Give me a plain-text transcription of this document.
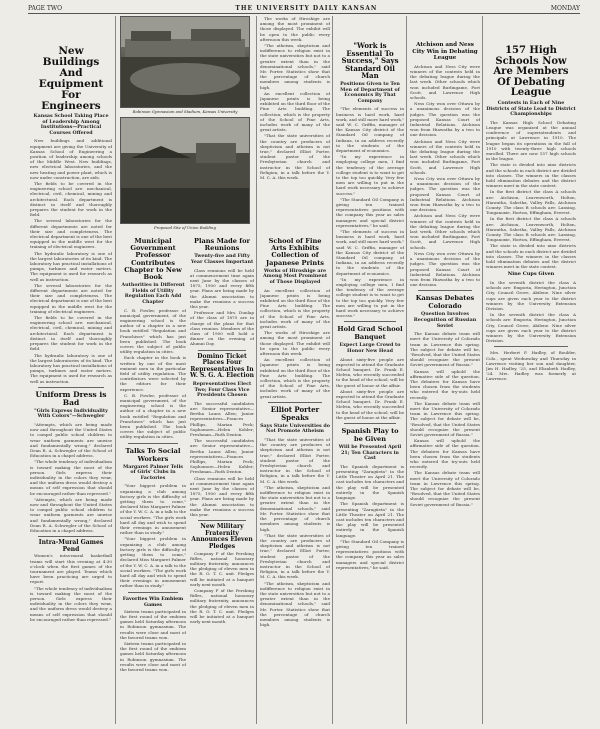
PAGE TWO	THE UNIVERSITY DAILY KANSAN	MONDAY
New Buildings And Equipment For Engineers
Kansas School Taking Place of Leadership Among Institutions—Practical Courses Offered

New buildings and additional equipment are giving the University of Kansas School of Engineering a position of leadership among schools of the Middle West. New buildings, new electrical laboratories, and the new heating and power plant, which is now under construction, are aids.

The fields to be covered in the engineering school are: mechanical, electrical, civil, chemical, mining and architectural. Each department is distinct in itself and thoroughly prepares the student for work in the field.

The several laboratories for the different departments are noted for their size and completeness. The electrical department is one of the best equipped in the middle west for the training of electrical engineers.

The hydraulic laboratory is one of the largest laboratories of its kind. The laboratory has practical installations of pumps, turbines and water meters. The equipment is used for research as well as instruction.

The several laboratories for the different departments are noted for their size and completeness. The electrical department is one of the best equipped in the middle west for the training of electrical engineers.

The fields to be covered in the engineering school are: mechanical, electrical, civil, chemical, mining and architectural. Each department is distinct in itself and thoroughly prepares the student for work in the field.

The hydraulic laboratory is one of the largest laboratories of its kind. The laboratory has practical installations of pumps, turbines and water meters. The equipment is used for research as well as instruction.

Uniform Dress is Bad
"Girls Express Individuality With Colors"—Schwegler

"Attempts, which are being made now and throughout the United States to compel public school children to wear uniform garments are unwise and fundamentally wrong," declared Dean R. A. Schwegler of the School of Education in a chapel address.

"The whole tendency of individualism is toward making the most of the person. Girls express their individuality in the colors they wear, and the uniform dress would destroy a means of self expression that should be encouraged rather than repressed."

"Attempts, which are being made now and throughout the United States to compel public school children to wear uniform garments are unwise and fundamentally wrong," declared Dean R. A. Schwegler of the School of Education in a chapel address.

Intra-Mural Games Pend

Women's intra-mural basketball teams will start this evening at 4:30 o'clock when the first games of the tournament are played. Teams which have been practicing are urged to report.

"The whole tendency of individualism is toward making the most of the person. Girls express their individuality in the colors they wear, and the uniform dress would destroy a means of self expression that should be encouraged rather than repressed."

Robinson Gymnasium and Stadium, Kansas University
Proposed Site of Union Building
Municipal Government Professor Contributes Chapter to New Book
Authorities in Different Fields of Utility Regulation Each Add Chapter

C. B. Fowler, professor of municipal government, of the engineering school is the author of a chapter in a new book entitled "Regulation and Franchises" which has just been published. The book covers the subject of public utility regulation in cities.

Each chapter in the book is written by one of the most eminent men in the particular field of utility regulation. The contributors were selected by the editors for their experience.

C. B. Fowler, professor of municipal government, of the engineering school is the author of a chapter in a new book entitled "Regulation and Franchises" which has just been published. The book covers the subject of public utility regulation in cities.

Talks To Social Workers
Margaret Palmer Tells of Girls' Clubs in Factories

"Your biggest problem in organizing a club among factory girls is the difficulty of getting them to come," declared Miss Margaret Palmer of the Y. W. C. A. in a talk to the social workers. "The girls work hard all day and wish to spend their evenings in amusement rather than in study."

"Your biggest problem in organizing a club among factory girls is the difficulty of getting them to come," declared Miss Margaret Palmer of the Y. W. C. A. in a talk to the social workers. "The girls work hard all day and wish to spend their evenings in amusement rather than in study."

Favorites Win Embiem Games

Sixteen teams participated in the first round of the embiem games held Saturday afternoon in Robinson gymnasium. The results were close and most of the favored teams won.

Sixteen teams participated in the first round of the embiem games held Saturday afternoon in Robinson gymnasium. The results were close and most of the favored teams won.

Plans Made for Reunions
Twenty-five and Fifty Year Classes Important

Class reunions will be held at commencement time again next June by the classes of 1875, 1900 and every fifth year. Plans are being made by the Alumni association to make the reunions a success this year.

Professor and Mrs. Dunlap of the class of 1875 are in charge of the plans for that class reunion. Members of the class of 1900 will hold a dinner on the evening of Alumni Day.

Domino Ticket Places Four Representatives In W. S. G. A. Election
Representatives Elect Two; Four Class Vice Presidents Chosen

The successful candidates are: Senior representative—Bertha Laura Allen; Junior representatives—Frances Phillips, Marian Peck; Sophomore—Helen Kohler; Freshman—Ruth Denton.

The successful candidates are: Senior representative—Bertha Laura Allen; Junior representatives—Frances Phillips, Marian Peck; Sophomore—Helen Kohler; Freshman—Ruth Denton.

Class reunions will be held at commencement time again next June by the classes of 1875, 1900 and every fifth year. Plans are being made by the Alumni association to make the reunions a success this year.

New Military Fraternity Announces Eleven Pledges

Company F of the Pershing Rifles, national honorary military fraternity, announces the pledging of eleven men in the R. O. T. C. unit. Pledges will be initiated at a banquet early next month.

Company F of the Pershing Rifles, national honorary military fraternity, announces the pledging of eleven men in the R. O. T. C. unit. Pledges will be initiated at a banquet early next month.

School of Fine Arts Exhibits Collection of Japanese Prints
Works of Hiroshige are Among Most Prominent of Those Displayed

An excellent collection of Japanese prints is being exhibited on the third floor of the Fine Arts building. The collection, which is the property of the School of Fine Arts, includes work of many of the great artists.

The works of Hiroshige are among the most prominent of those displayed. The exhibit will be open to the public every afternoon this week.

An excellent collection of Japanese prints is being exhibited on the third floor of the Fine Arts building. The collection, which is the property of the School of Fine Arts, includes work of many of the great artists.

Elliot Porter Speaks
Says State Universities do Not Promote Atheism

"That the state universities of the country are producers of skepticism and atheism is not true," declared Elliot Porter, student pastor of the Presbyterian church and instructor in the School of Religion, in a talk before the Y. M. C. A. this week.

"The atheism, skepticism and indifference to religion exist in the state universities but not to a greater extent than in the denominational schools," said Mr. Porter. Statistics show that the percentage of church members among students is high.

"That the state universities of the country are producers of skepticism and atheism is not true," declared Elliot Porter, student pastor of the Presbyterian church and instructor in the School of Religion, in a talk before the Y. M. C. A. this week.

"The atheism, skepticism and indifference to religion exist in the state universities but not to a greater extent than in the denominational schools," said Mr. Porter. Statistics show that the percentage of church members among students is high.

The works of Hiroshige are among the most prominent of those displayed. The exhibit will be open to the public every afternoon this week.

"The atheism, skepticism and indifference to religion exist in the state universities but not to a greater extent than in the denominational schools," said Mr. Porter. Statistics show that the percentage of church members among students is high.

An excellent collection of Japanese prints is being exhibited on the third floor of the Fine Arts building. The collection, which is the property of the School of Fine Arts, includes work of many of the great artists.

"That the state universities of the country are producers of skepticism and atheism is not true," declared Elliot Porter, student pastor of the Presbyterian church and instructor in the School of Religion, in a talk before the Y. M. C. A. this week.

"Work is Essential To Success," Says Standard Oil Man
Positions Given to Ten Men of Department of Economics By That Company

"The elements of success in business is hard work, hard work, and still more hard work," said W. C. Griffin, manager of the Kansas City district of the Standard Oil company, of Indiana, in an address recently to the students of the department of economics.

"In my experience in employing college men, I find the tendency of the average college student is to want to get to the top too quickly. Very few men are willing to put in the hard work necessary to achieve success."

"The Standard Oil Company is giving ten trained representatives positions with the company this year as sales managers and special district representatives," he said.

"The elements of success in business is hard work, hard work, and still more hard work," said W. C. Griffin, manager of the Kansas City district of the Standard Oil company, of Indiana, in an address recently to the students of the department of economics.

"In my experience in employing college men, I find the tendency of the average college student is to want to get to the top too quickly. Very few men are willing to put in the hard work necessary to achieve success."

Hold Grad School Banquet
Expect Large Crowd to Honor New Head

About sixty-five people are expected to attend the Graduate School banquet. Dr. Frank E. Melvin, who recently succeeded to the head of the school, will be the guest of honor at the affair.

About sixty-five people are expected to attend the Graduate School banquet. Dr. Frank E. Melvin, who recently succeeded to the head of the school, will be the guest of honor at the affair.

Spanish Play to be Given
Will be Presented April 21; Ten Characters in Cast

The Spanish department is presenting "Zaragüeta" in the Little Theater on April 21. The cast includes ten characters and the play will be presented entirely in the Spanish language.

The Spanish department is presenting "Zaragüeta" in the Little Theater on April 21. The cast includes ten characters and the play will be presented entirely in the Spanish language.

"The Standard Oil Company is giving ten trained representatives positions with the company this year as sales managers and special district representatives," he said.

Atchison and Ness City Win in Debating League

Atchison and Ness City were winners of the contests held in the debating league during the last week. Other schools which won included Burlingame, Fort Scott, and Lawrence High schools.

Ness City won over Ottawa by a unanimous decision of the judges. The question was the proposed Kansas Court of Industrial Relations. Atchison won from Hiawatha by a two to one decision.

Atchison and Ness City were winners of the contests held in the debating league during the last week. Other schools which won included Burlingame, Fort Scott, and Lawrence High schools.

Ness City won over Ottawa by a unanimous decision of the judges. The question was the proposed Kansas Court of Industrial Relations. Atchison won from Hiawatha by a two to one decision.

Atchison and Ness City were winners of the contests held in the debating league during the last week. Other schools which won included Burlingame, Fort Scott, and Lawrence High schools.

Ness City won over Ottawa by a unanimous decision of the judges. The question was the proposed Kansas Court of Industrial Relations. Atchison won from Hiawatha by a two to one decision.

Kansas Debates Colorado
Question Involves Recognition of Russian Soviet

The Kansas debate team will meet the University of Colorado team in Lawrence this spring. The subject for debate will be, "Resolved, that the United States should recognize the present Soviet government of Russia."

Kansas will uphold the affirmative side of the question. The debaters for Kansas have been chosen from the students who entered the try-outs held recently.

The Kansas debate team will meet the University of Colorado team in Lawrence this spring. The subject for debate will be, "Resolved, that the United States should recognize the present Soviet government of Russia."

Kansas will uphold the affirmative side of the question. The debaters for Kansas have been chosen from the students who entered the try-outs held recently.

The Kansas debate team will meet the University of Colorado team in Lawrence this spring. The subject for debate will be, "Resolved, that the United States should recognize the present Soviet government of Russia."

157 High Schools Now Are Members Of Debating League
Contests in Each of Nine Districts of State Lead to District Championships

The Kansas High School Debating League was organized at the annual conference of superintendents and principals at Lawrence in 1910. The league began its operations in the fall of 1910 with twenty-three high schools enrolled. There are now 157 high schools in the league.

The state is divided into nine districts and the schools in each district are divided into classes. The winners in the classes hold elimination debates and the district winners meet in the state contest.

In the first district the class A schools are: Atchison, Leavenworth, Holton, Hiawatha, Sabetha, Valley Falls, Atchison County. The class B schools are: Lansing, Tonganoxie, Horton, Effingham, Everest.

In the first district the class A schools are: Atchison, Leavenworth, Holton, Hiawatha, Sabetha, Valley Falls, Atchison County. The class B schools are: Lansing, Tonganoxie, Horton, Effingham, Everest.

The state is divided into nine districts and the schools in each district are divided into classes. The winners in the classes hold elimination debates and the district winners meet in the state contest.

Nine Cups Given

In the seventh district the class A schools are: Emporia, Herington, Junction City, Council Grove, Abilene. Nine silver cups are given each year to the district winners by the University Extension Division.

In the seventh district the class A schools are: Emporia, Herington, Junction City, Council Grove, Abilene. Nine silver cups are given each year to the district winners by the University Extension Division.

Mrs. Herbert F. Hadley, of Boulder, Colo., spent Wednesday and Thursday in Lawrence visiting her son and daughter, Jim H. Hadley, '25, and Elizabeth Hadley, '24. Mrs. Hadley was formerly at Lawrence.
